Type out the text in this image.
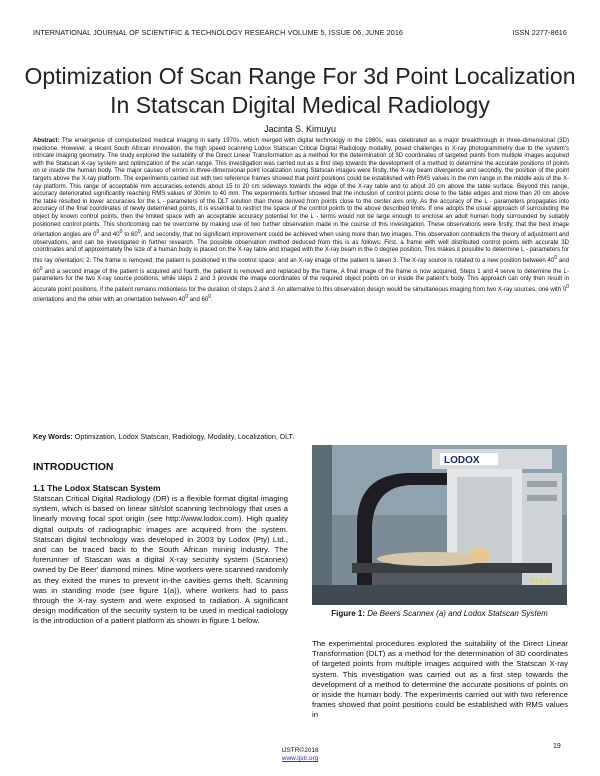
INTERNATIONAL JOURNAL OF SCIENTIFIC & TECHNOLOGY RESEARCH VOLUME 5, ISSUE 06, JUNE 2016	ISSN 2277-8616
Optimization Of Scan Range For 3d Point Localization In Statscan Digital Medical Radiology
Jacinta S. Kimuyu
Abstract: The emergence of computerized medical imaging in early 1970s, which merged with digital technology in the 1980s, was celebrated as a major breakthrough in three-dimensional (3D) medicine. However, a recent South African innovation, the high speed scanning Lodox Statscan Critical Digital Radiology modality, posed challenges in X-ray photogrammetry due to the system's intricate imaging geometry. The study explored the suitability of the Direct Linear Transformation as a method for the determination of 3D coordinates of targeted points from multiple images acquired with the Statscan X-ray system and optimization of the scan range. This investigation was carried out as a first step towards the development of a method to determine the accurate positions of points on or inside the human body. The major causes of errors in three-dimensional point localization using Statscan images were firstly, the X-ray beam divergence and secondly, the position of the point targets above the X-ray platform. The experiments carried out with two reference frames showed that point positions could be established with RMS values in the mm range in the middle axis of the X-ray platform. This range of acceptable mm accuracies extends about 15 to 20 cm sideways towards the edge of the X-ray table and to about 20 cm above the table surface. Beyond this range, accuracy deteriorated significantly reaching RMS values of 30mm to 40 mm. The experiments further showed that the inclusion of control points close to the table edges and more than 20 cm above the table resulted in lower accuracies for the L - parameters of the DLT solution than those derived from points close to the center axis only. As the accuracy of the L - parameters propagates into accuracy of the final coordinates of newly determined points, it is essential to restrict the space of the control points to the above described limits. If one adopts the usual approach of surrounding the object by known control points, then the limited space with an acceptable accuracy potential for the L - terms would not be large enough to enclose an adult human body surrounded by suitably positioned control points. This shortcoming can be overcome by making use of two further observation made in the course of this investigation. These observations were firstly, that the best image orientation angles are $0^0$ and $40^0$ to $60^0$, and secondly, that no significant improvement could be achieved when using more than two images. This observation contradicts the theory of adjustment and observations, and can be investigated in further research. The possible observation method deduced from this is as follows: First, a frame with well distributed control points with accurate 3D coordinates and of approximately the size of a human body is placed on the X-ray table and imaged with the X-ray beam in the 0 degree position. This makes it possible to determine L - parameters for this ray orientation; 2. The frame is removed; the patient is positioned in the control space; and an X-ray image of the patient is taken 3. The X-ray source is rotated to a new position between $40^0$ and $60^0$ and a second image of the patient is acquired and fourth, the patient is removed and replaced by the frame. A final image of the frame is now acquired. Steps 1 and 4 serve to determine the L-parameters for the two X-ray source positions, while steps 2 and 3 provide the image coordinates of the required object points on or inside the patient's body. This approach can only then result in accurate point positions, if the patient remains motionless for the duration of steps 2 and 3. An alternative to this observation design would be simultaneous imaging from two X-ray sources, one with $0^0$ orientations and the other with an orientation between $40^0$ and $60^0$.
Key Words: Optimization, Lodox Statscan, Radiology, Modality, Localization, DLT.
INTRODUCTION
1.1 The Lodox Statscan System
Statscan Critical Digital Radiology (DR) is a flexible format digital imaging system, which is based on linear slit/slot scanning technology that uses a linearly moving focal spot origin (see http://www.lodox.com). High quality digital outputs of radiographic images are acquired from the system. Statscan digital technology was developed in 2003 by Lodox (Pty) Ltd., and can be traced back to the South African mining industry. The forerunner of Stascan was a digital X-ray security system (Scannex) owned by De Beer' diamond mines. Mine workers were scanned randomly as they exited the mines to prevent in-the cavities gems theft. Scanning was in standing mode (see figure 1(a)), where workers had to pass through the X-ray system and were exposed to radiation. A significant design modification of the security system to be used in medical radiology is the introduction of a patient platform as shown in figure 1 below.
LODOX
'01 3 11
Figure 1: De Beers Scannex (a) and Lodox Statscan System
The experimental procedures explored the suitability of the Direct Linear Transformation (DLT) as a method for the determination of 3D coordinates of targeted points from multiple images acquired with the Statscan X-ray system. This investigation was carried out as a first step towards the development of a method to determine the accurate positions of points on or inside the human body. The experiments carried out with two reference frames showed that point positions could be established with RMS values in
19
IJSTR©2016
www.ijstr.org
